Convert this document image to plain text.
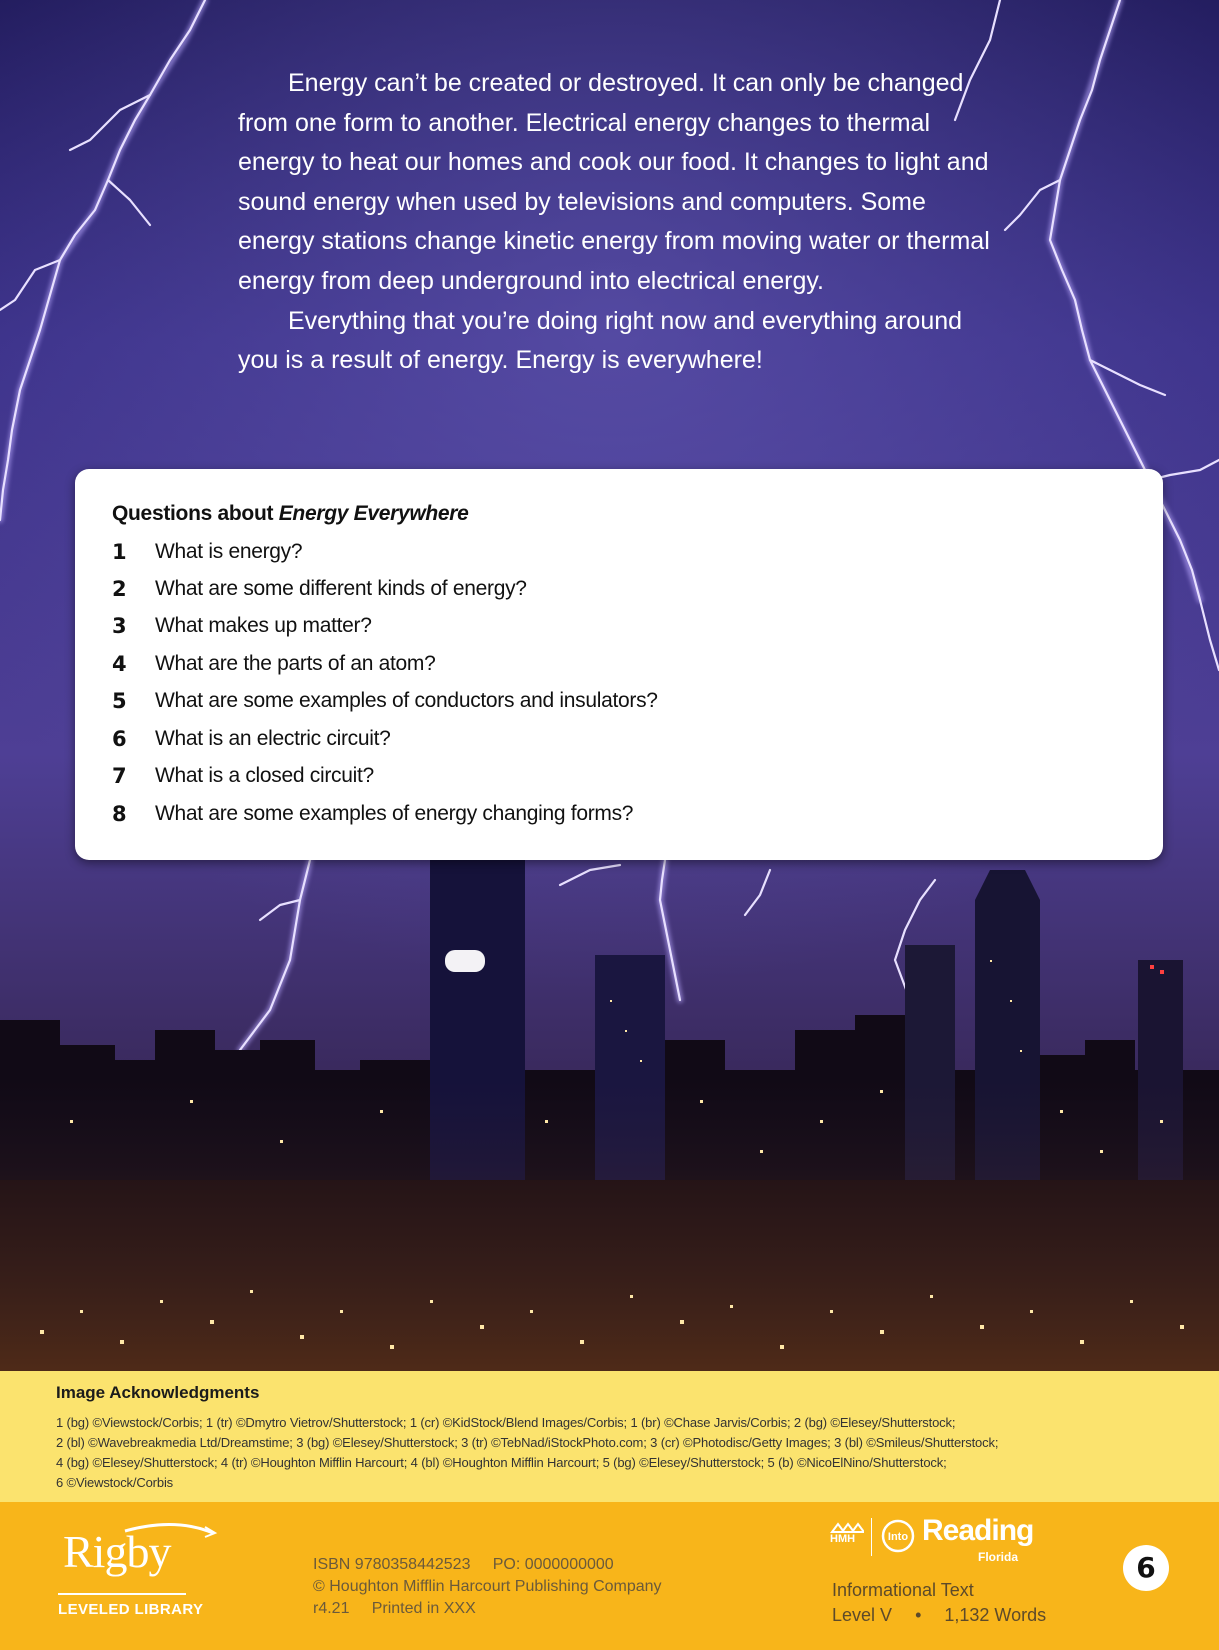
Energy can’t be created or destroyed. It can only be changed from one form to another. Electrical energy changes to thermal energy to heat our homes and cook our food. It changes to light and sound energy when used by televisions and computers. Some energy stations change kinetic energy from moving water or thermal energy from deep underground into electrical energy.

Everything that you’re doing right now and everything around you is a result of energy. Energy is everywhere!

Questions about Energy Everywhere
1	What is energy?
2	What are some different kinds of energy?
3	What makes up matter?
4	What are the parts of an atom?
5	What are some examples of conductors and insulators?
6	What is an electric circuit?
7	What is a closed circuit?
8	What are some examples of energy changing forms?
Image Acknowledgments
1 (bg) ©Viewstock/Corbis; 1 (tr) ©Dmytro Vietrov/Shutterstock; 1 (cr) ©KidStock/Blend Images/Corbis; 1 (br) ©Chase Jarvis/Corbis; 2 (bg) ©Elesey/Shutterstock;
2 (bl) ©Wavebreakmedia Ltd/Dreamstime; 3 (bg) ©Elesey/Shutterstock; 3 (tr) ©TebNad/iStockPhoto.com; 3 (cr) ©Photodisc/Getty Images; 3 (bl) ©Smileus/Shutterstock;
4 (bg) ©Elesey/Shutterstock; 4 (tr) ©Houghton Mifflin Harcourt; 4 (bl) ©Houghton Mifflin Harcourt; 5 (bg) ©Elesey/Shutterstock; 5 (b) ©NicoElNino/Shutterstock;
6 ©Viewstock/Corbis
Rigby
LEVELED LIBRARY
ISBN 9780358442523     PO: 0000000000
© Houghton Mifflin Harcourt Publishing Company
r4.21     Printed in XXX
HMH	Into Reading
Florida
Informational Text
Level V • 1,132 Words
6
